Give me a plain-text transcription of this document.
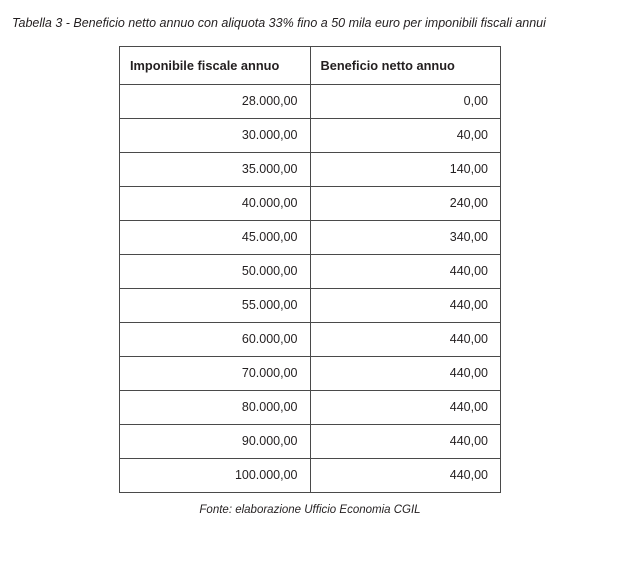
Tabella 3 - Beneficio netto annuo con aliquota 33% fino a 50 mila euro per imponibili fiscali annui
Imponibile fiscale annuo	Beneficio netto annuo
28.000,00	0,00
30.000,00	40,00
35.000,00	140,00
40.000,00	240,00
45.000,00	340,00
50.000,00	440,00
55.000,00	440,00
60.000,00	440,00
70.000,00	440,00
80.000,00	440,00
90.000,00	440,00
100.000,00	440,00
Fonte: elaborazione Ufficio Economia CGIL
